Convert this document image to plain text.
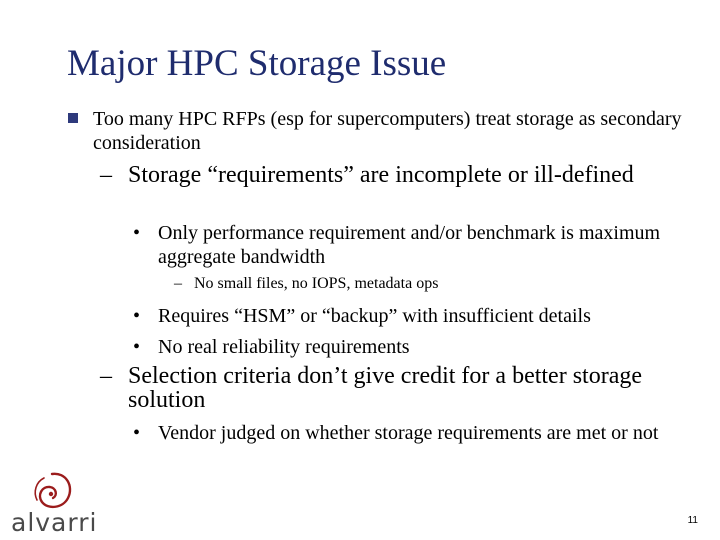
Major HPC Storage Issue
Too many HPC RFPs (esp for supercomputers) treat storage as secondary consideration
– Storage “requirements” are incomplete or ill-defined
• Only performance requirement and/or benchmark is maximum aggregate bandwidth
– No small files, no IOPS, metadata ops
• Requires “HSM” or “backup” with insufficient details
• No real reliability requirements
– Selection criteria don’t give credit for a better storage solution
• Vendor judged on whether storage requirements are met or not
alvarri	11
